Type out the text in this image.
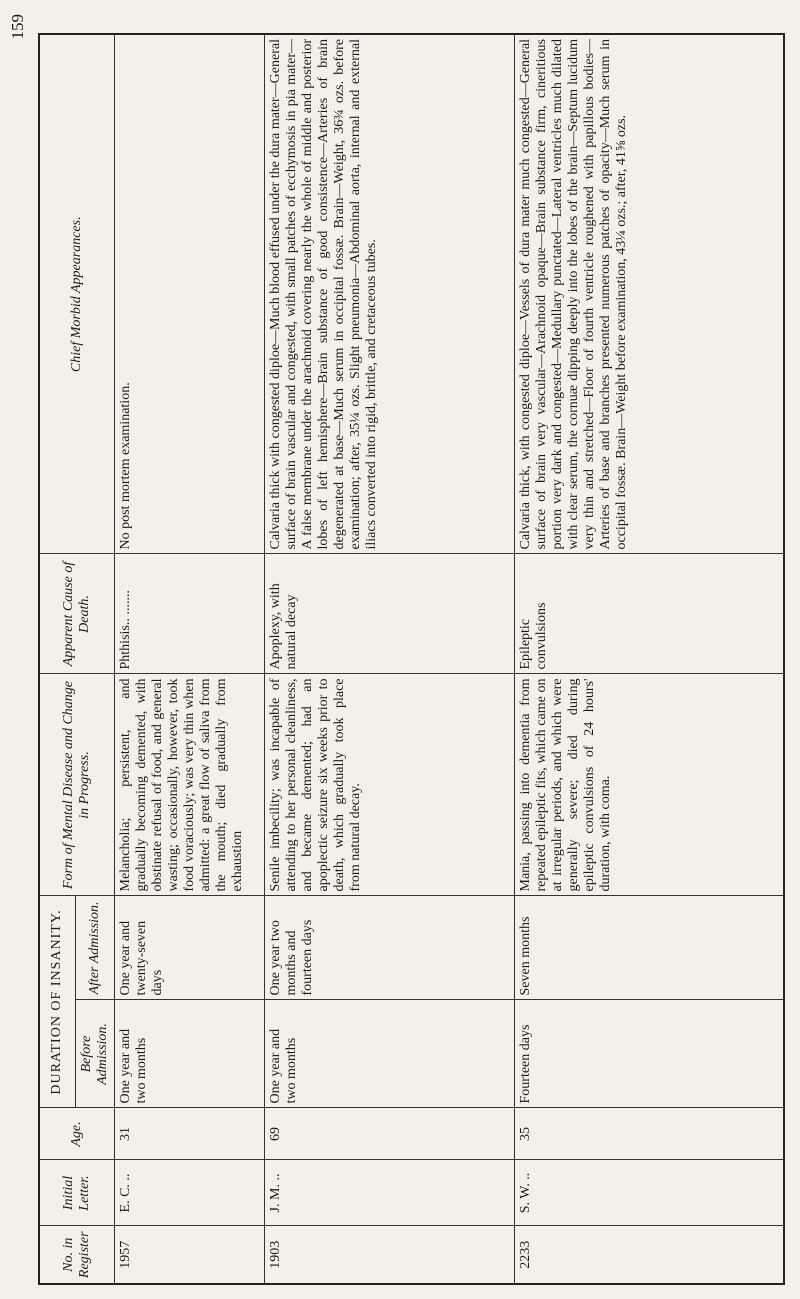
159
No. in Register	Initial Letter.	Age.	DURATION OF INSANITY.		Form of Mental Disease and Change in Progress.	Apparent Cause of Death.	Chief Morbid Appearances.
			Before Admission.	After Admission.			
1957	E. C. ..	31	One year and two months	One year and twenty-seven days	Melancholia; persistent, and gradually becoming demented, with obstinate refusal of food, and general wasting; occasionally, however, took food voraciously; was very thin when admitted: a great flow of saliva from the mouth; died gradually from exhaustion	Phthisis.. .......	No post mortem examination.
1903	J. M. ..	69	One year and two months	One year two months and fourteen days	Senile imbecility; was incapable of attending to her personal cleanliness, and became demented; had an apoplectic seizure six weeks prior to death, which gradually took place from natural decay.	Apoplexy, with natural decay	Calvaria thick with congested diploe—Much blood effused under the dura mater—General surface of brain vascular and congested, with small patches of ecchymosis in pia mater—A false membrane under the arachnoid covering nearly the whole of middle and posterior lobes of left hemisphere—Brain substance of good consistence—Arteries of brain degenerated at base—Much serum in occipital fossæ. Brain—Weight, 36¾ ozs. before examination; after, 35¼ ozs. Slight pneumonia—Abdominal aorta, internal and external iliacs converted into rigid, brittle, and cretaceous tubes.
2233	S. W. ..	35	Fourteen days	Seven months	Mania, passing into dementia from repeated epileptic fits, which came on at irregular periods, and which were generally severe; died during epileptic convulsions of 24 hours' duration, with coma.	Epileptic convulsions	Calvaria thick, with congested diploe—Vessels of dura mater much congested—General surface of brain very vascular—Arachnoid opaque—Brain substance firm, cineritious portion very dark and congested—Medullary punctated—Lateral ventricles much dilated with clear serum, the cornuæ dipping deeply into the lobes of the brain—Septum lucidum very thin and stretched—Floor of fourth ventricle roughened with papillous bodies—Arteries of base and branches presented numerous patches of opacity—Much serum in occipital fossæ. Brain—Weight before examination, 43¼ ozs.; after, 41⅝ ozs.
